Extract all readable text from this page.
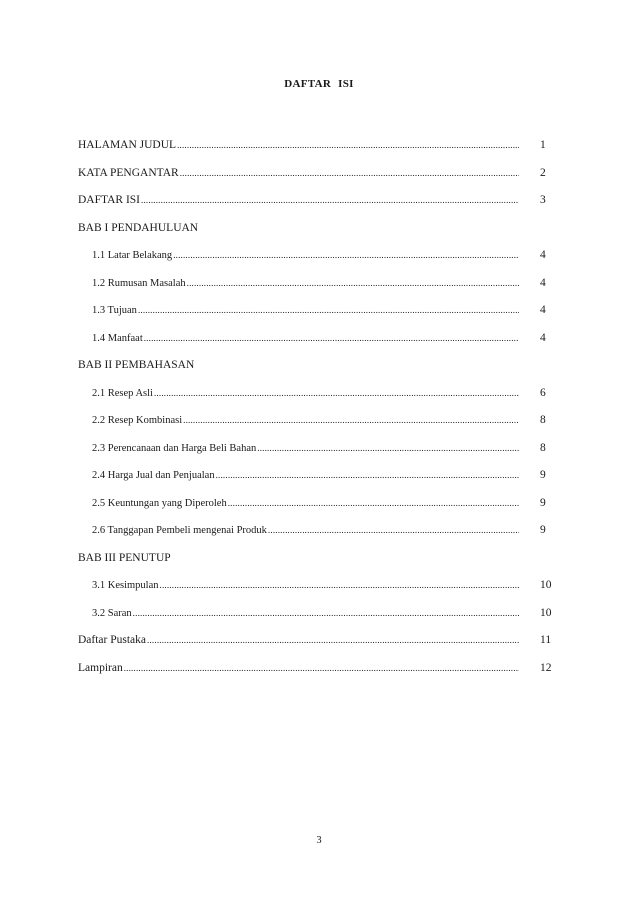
DAFTAR ISI
HALAMAN JUDUL .....	1
KATA PENGANTAR .....	2
DAFTAR ISI .....	3
BAB I PENDAHULUAN
1.1 Latar Belakang .....	4
1.2 Rumusan Masalah .....	4
1.3 Tujuan .....	4
1.4 Manfaat .....	4
BAB II PEMBAHASAN
2.1 Resep Asli .....	6
2.2 Resep Kombinasi .....	8
2.3 Perencanaan dan Harga Beli Bahan .....	8
2.4 Harga Jual dan Penjualan .....	9
2.5 Keuntungan yang Diperoleh .....	9
2.6 Tanggapan Pembeli mengenai Produk .....	9
BAB III PENUTUP
3.1 Kesimpulan .....	10
3.2 Saran .....	10
Daftar Pustaka .....	11
Lampiran .....	12
3
